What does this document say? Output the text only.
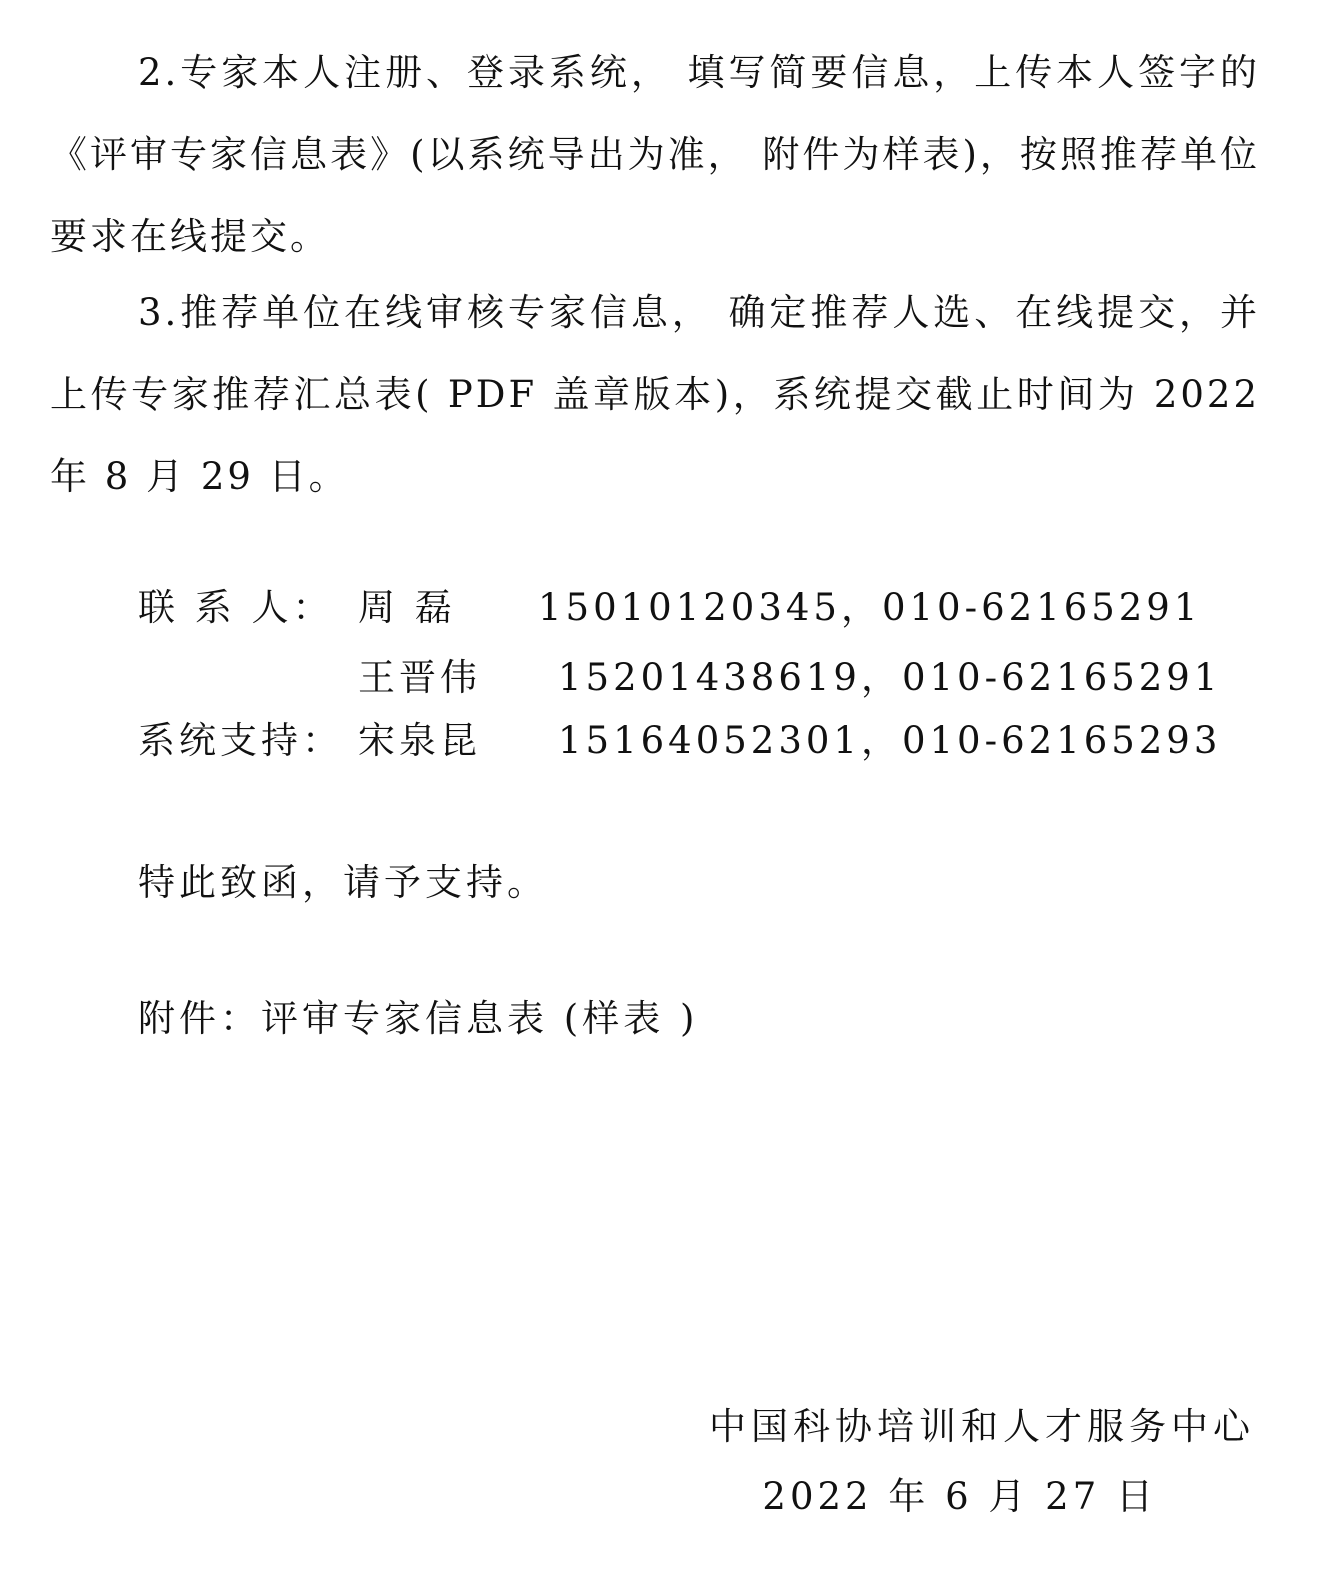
2.专家本人注册、登录系统， 填写简要信息，上传本人签字的 《评审专家信息表》(以系统导出为准， 附件为样表)，按照推荐单位要求在线提交。

3.推荐单位在线审核专家信息， 确定推荐人选、在线提交，并上传专家推荐汇总表( PDF 盖章版本)，系统提交截止时间为 2022 年 8 月 29 日。

联 系 人： 周 磊 15010120345，010-62165291
王晋伟 15201438619，010-62165291
系统支持： 宋泉昆 15164052301，010-62165293

特此致函，请予支持。

附件：评审专家信息表 (样表 )

中国科协培训和人才服务中心

2022 年 6 月 27 日
